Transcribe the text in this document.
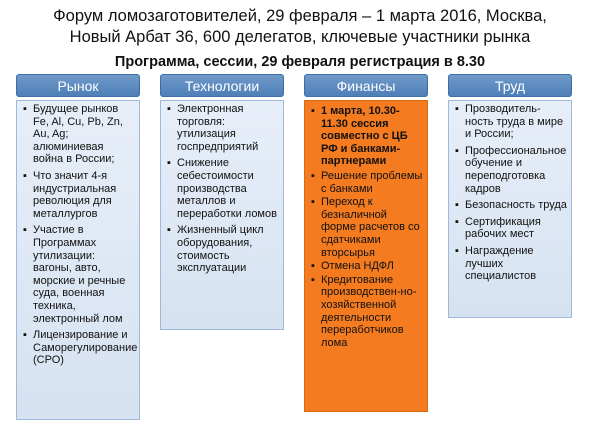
Форум ломозаготовителей, 29 февраля – 1 марта 2016, Москва,
Новый Арбат 36, 600 делегатов, ключевые участники рынка
Программа, сессии, 29 февраля регистрация в 8.30
Рынок
▪ Будущее рынков Fe, Al, Cu, Pb, Zn, Au, Ag; алюминиевая война в России;
▪ Что значит 4-я индустриальная революция для металлургов
▪ Участие в Программах утилизации: вагоны, авто, морские и речные суда, военная техника, электронный лом
▪ Лицензирование и Саморегулирование (СРО)
Технологии
▪ Электронная торговля: утилизация госпредприятий
▪ Снижение себестоимости производства металлов и переработки ломов
▪ Жизненный цикл оборудования, стоимость эксплуатации
Финансы
▪ 1 марта, 10.30-11.30 сессия совместно с ЦБ РФ и банками-партнерами
▪ Решение проблемы с банками
▪ Переход к безналичной форме расчетов со сдатчиками вторсырья
▪ Отмена НДФЛ
▪ Кредитование производствен-но-хозяйственной деятельности переработчиков лома
Труд
▪ Прозводитель-ность труда в мире и России;
▪ Профессиональное обучение и переподготовка кадров
▪ Безопасность труда
▪ Сертификация рабочих мест
▪ Награждение лучших специалистов
